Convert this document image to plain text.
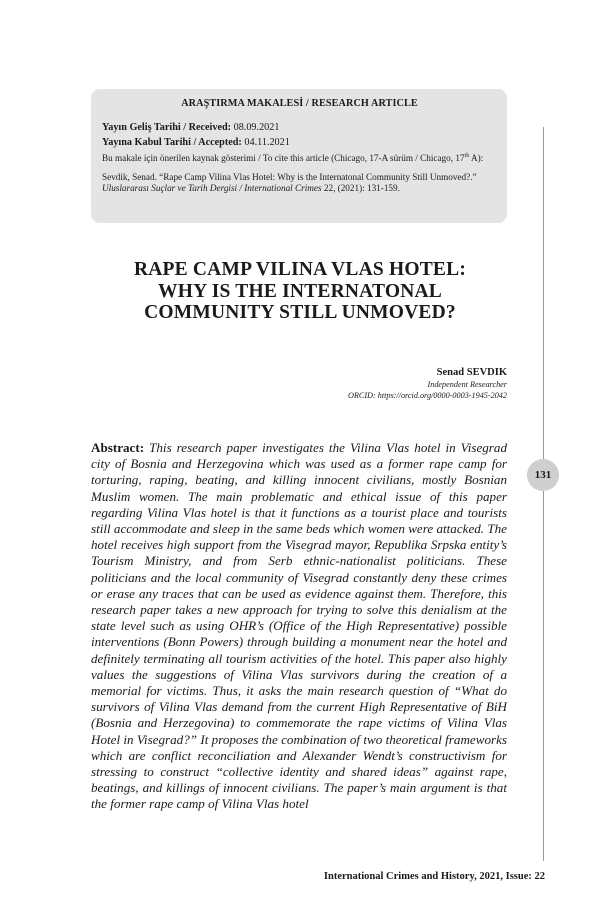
ARAŞTIRMA MAKALESİ / RESEARCH ARTICLE
Yayın Geliş Tarihi / Received: 08.09.2021
Yayına Kabul Tarihi / Accepted: 04.11.2021
Bu makale için önerilen kaynak gösterimi / To cite this article (Chicago, 17-A sürüm / Chicago, 17th A):
Sevdik, Senad. “Rape Camp Vilina Vlas Hotel: Why is the Internatonal Community Still Unmoved?.” Uluslararası Suçlar ve Tarih Dergisi / International Crimes 22, (2021): 131-159.
131
RAPE CAMP VILINA VLAS HOTEL:
WHY IS THE INTERNATONAL
COMMUNITY STILL UNMOVED?
Senad SEVDIK
Independent Researcher
ORCID: https://orcid.org/0000-0003-1945-2042
Abstract: This research paper investigates the Vilina Vlas hotel in Visegrad city of Bosnia and Herzegovina which was used as a former rape camp for torturing, raping, beating, and killing innocent civilians, mostly Bosnian Muslim women. The main problematic and ethical issue of this paper regarding Vilina Vlas hotel is that it functions as a tourist place and tourists still accommodate and sleep in the same beds which women were attacked. The hotel receives high support from the Visegrad mayor, Republika Srpska entity’s Tourism Ministry, and from Serb ethnic-nationalist politicians. These politicians and the local community of Visegrad constantly deny these crimes or erase any traces that can be used as evidence against them. Therefore, this research paper takes a new approach for trying to solve this denialism at the state level such as using OHR’s (Office of the High Representative) possible interventions (Bonn Powers) through building a monument near the hotel and definitely terminating all tourism activities of the hotel. This paper also highly values the suggestions of Vilina Vlas survivors during the creation of a memorial for victims. Thus, it asks the main research question of “What do survivors of Vilina Vlas demand from the current High Representative of BiH (Bosnia and Herzegovina) to commemorate the rape victims of Vilina Vlas Hotel in Visegrad?” It proposes the combination of two theoretical frameworks which are conflict reconciliation and Alexander Wendt’s constructivism for stressing to construct “collective identity and shared ideas” against rape, beatings, and killings of innocent civilians. The paper’s main argument is that the former rape camp of Vilina Vlas hotel
International Crimes and History, 2021, Issue: 22
